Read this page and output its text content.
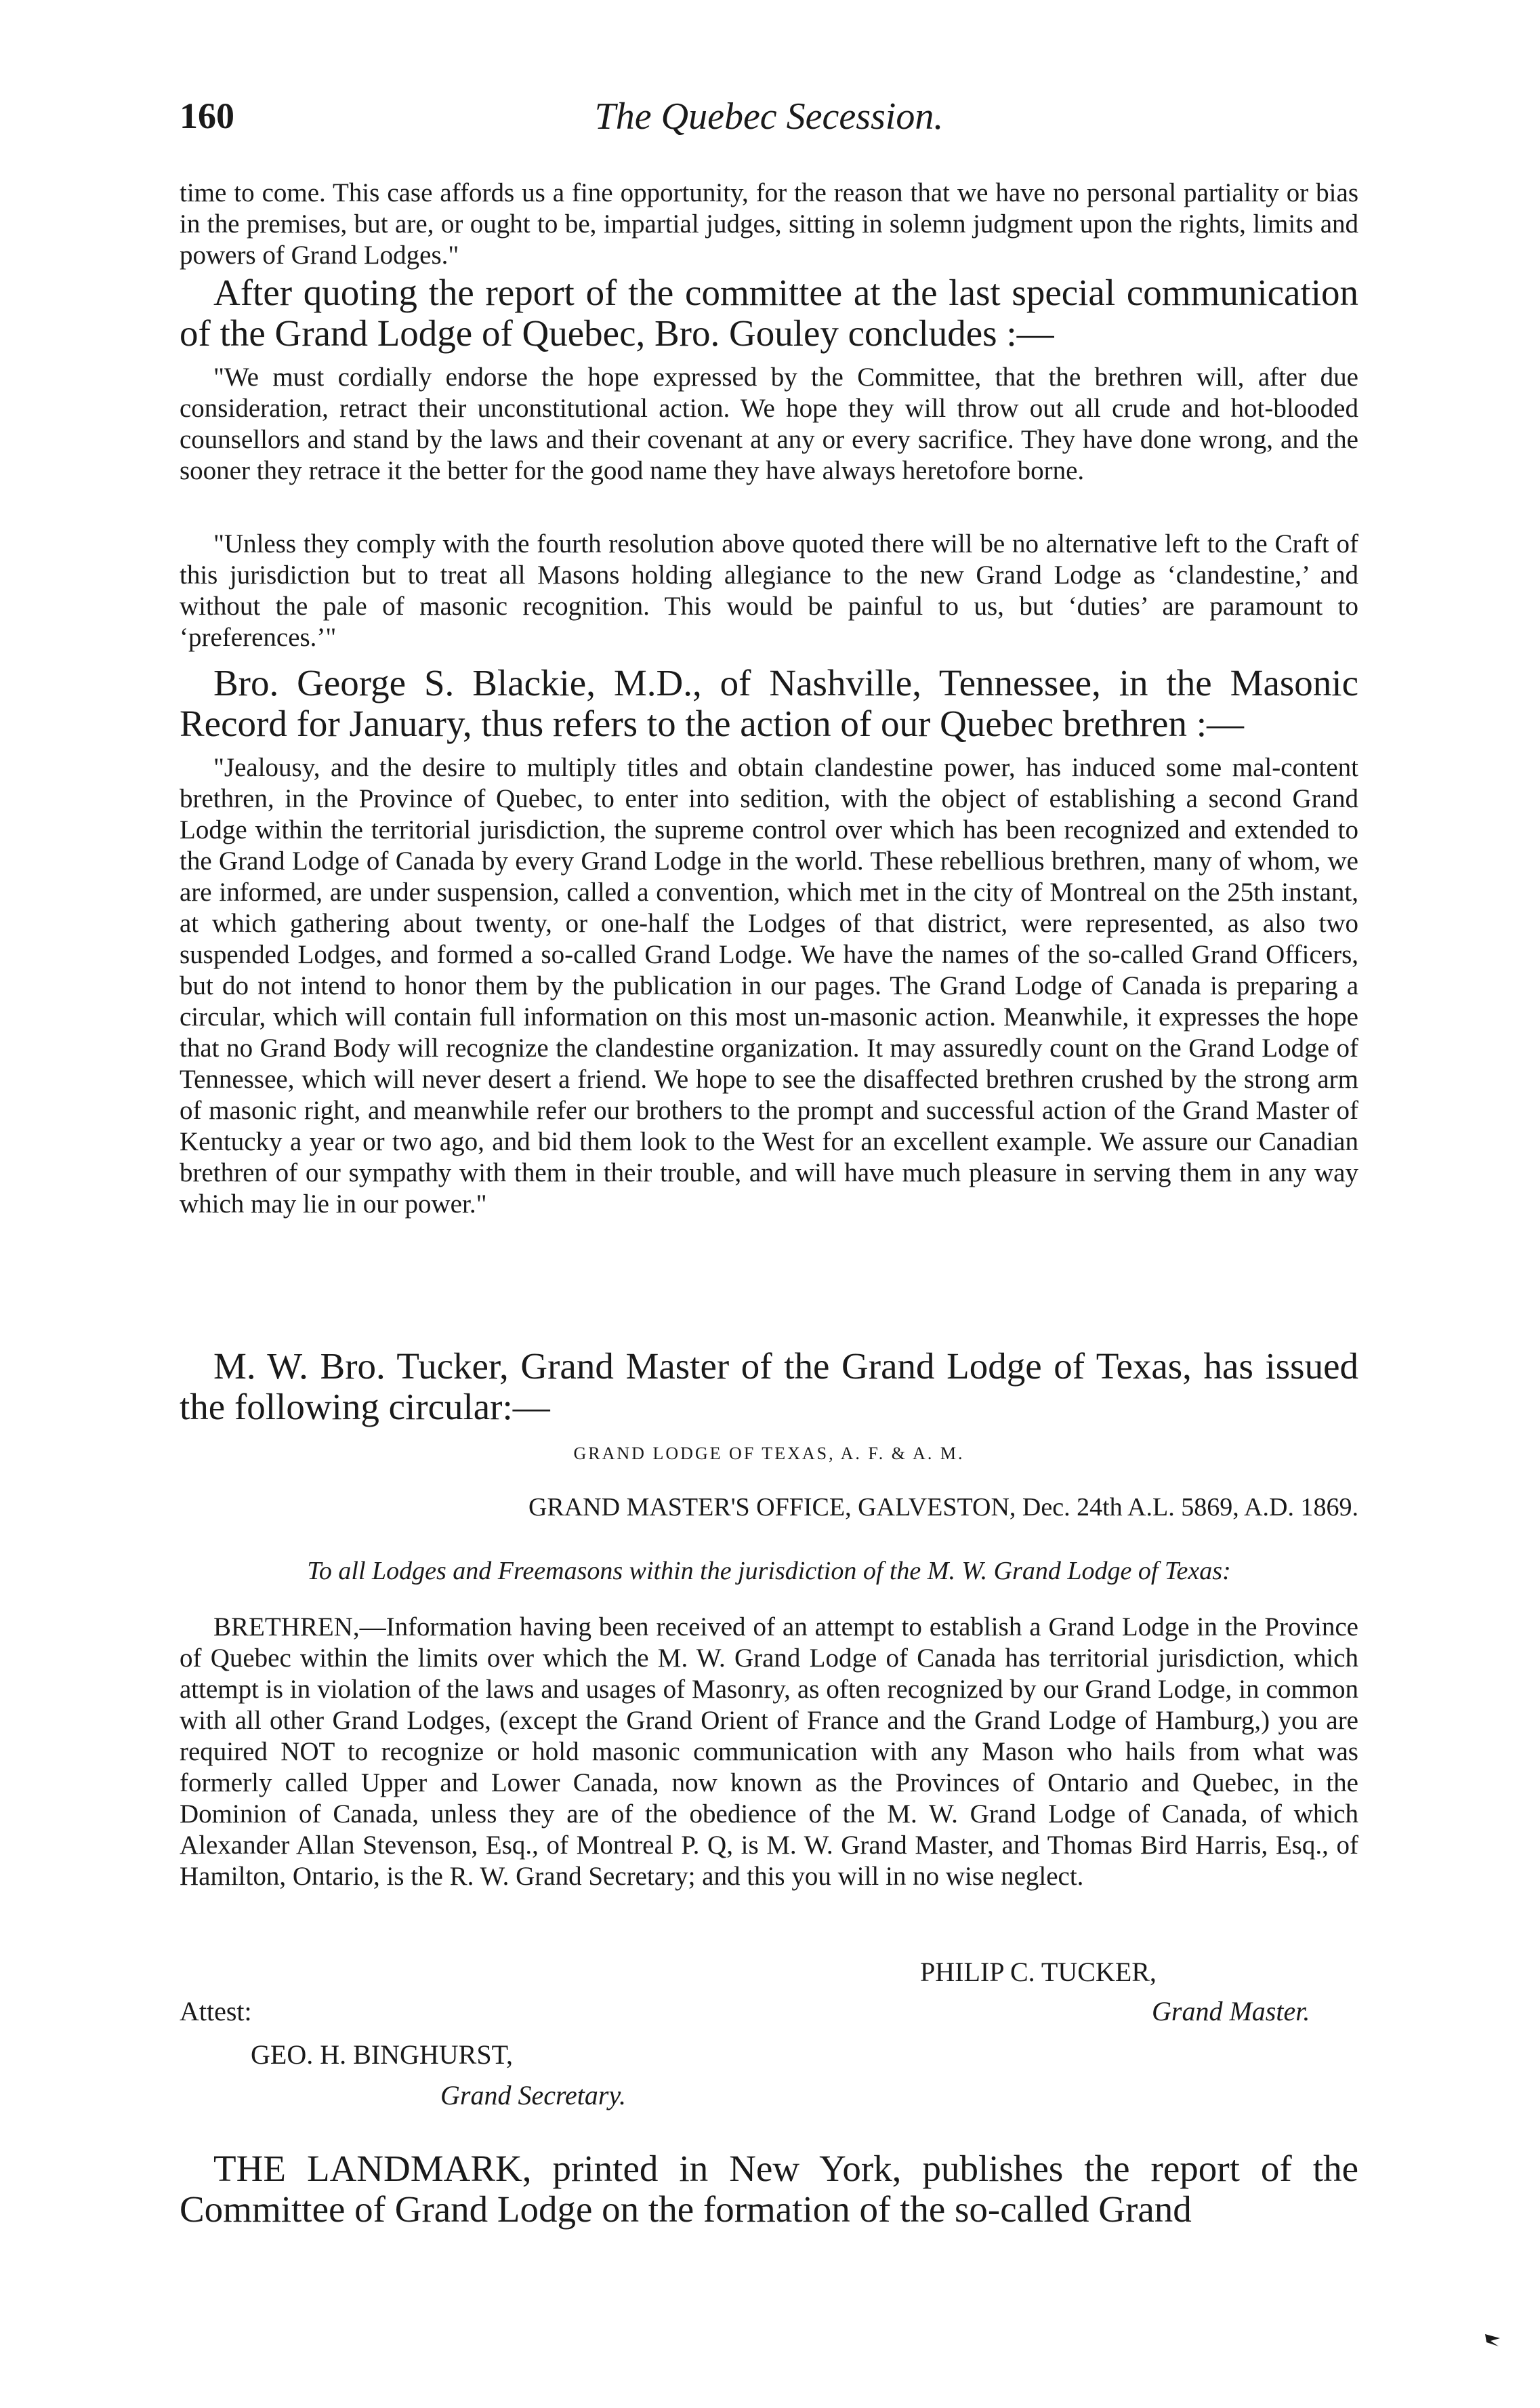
160	The Quebec Secession.

time to come. This case affords us a fine opportunity, for the reason that we have no personal partiality or bias in the premises, but are, or ought to be, impartial judges, sitting in solemn judgment upon the rights, limits and powers of Grand Lodges."

After quoting the report of the committee at the last special communication of the Grand Lodge of Quebec, Bro. Gouley concludes :—

"We must cordially endorse the hope expressed by the Committee, that the brethren will, after due consideration, retract their unconstitutional action. We hope they will throw out all crude and hot-blooded counsellors and stand by the laws and their covenant at any or every sacrifice. They have done wrong, and the sooner they retrace it the better for the good name they have always heretofore borne.

"Unless they comply with the fourth resolution above quoted there will be no alternative left to the Craft of this jurisdiction but to treat all Masons holding allegiance to the new Grand Lodge as ‘clandestine,’ and without the pale of masonic recognition. This would be painful to us, but ‘duties’ are paramount to ‘preferences.’"

Bro. George S. Blackie, M.D., of Nashville, Tennessee, in the Masonic Record for January, thus refers to the action of our Quebec brethren :—

"Jealousy, and the desire to multiply titles and obtain clandestine power, has induced some mal-content brethren, in the Province of Quebec, to enter into sedition, with the object of establishing a second Grand Lodge within the territorial jurisdiction, the supreme control over which has been recognized and extended to the Grand Lodge of Canada by every Grand Lodge in the world. These rebellious brethren, many of whom, we are informed, are under suspension, called a convention, which met in the city of Montreal on the 25th instant, at which gathering about twenty, or one-half the Lodges of that district, were represented, as also two suspended Lodges, and formed a so-called Grand Lodge. We have the names of the so-called Grand Officers, but do not intend to honor them by the publication in our pages. The Grand Lodge of Canada is preparing a circular, which will contain full information on this most un-masonic action. Meanwhile, it expresses the hope that no Grand Body will recognize the clandestine organization. It may assuredly count on the Grand Lodge of Tennessee, which will never desert a friend. We hope to see the disaffected brethren crushed by the strong arm of masonic right, and meanwhile refer our brothers to the prompt and successful action of the Grand Master of Kentucky a year or two ago, and bid them look to the West for an excellent example. We assure our Canadian brethren of our sympathy with them in their trouble, and will have much pleasure in serving them in any way which may lie in our power."

M. W. Bro. Tucker, Grand Master of the Grand Lodge of Texas, has issued the following circular:—

GRAND LODGE OF TEXAS, A. F. & A. M.
GRAND MASTER'S OFFICE, GALVESTON, Dec. 24th A.L. 5869, A.D. 1869.
To all Lodges and Freemasons within the jurisdiction of the M. W. Grand Lodge of Texas:

BRETHREN,—Information having been received of an attempt to establish a Grand Lodge in the Province of Quebec within the limits over which the M. W. Grand Lodge of Canada has territorial jurisdiction, which attempt is in violation of the laws and usages of Masonry, as often recognized by our Grand Lodge, in common with all other Grand Lodges, (except the Grand Orient of France and the Grand Lodge of Hamburg,) you are required NOT to recognize or hold masonic communication with any Mason who hails from what was formerly called Upper and Lower Canada, now known as the Provinces of Ontario and Quebec, in the Dominion of Canada, unless they are of the obedience of the M. W. Grand Lodge of Canada, of which Alexander Allan Stevenson, Esq., of Montreal P. Q, is M. W. Grand Master, and Thomas Bird Harris, Esq., of Hamilton, Ontario, is the R. W. Grand Secretary; and this you will in no wise neglect.

PHILIP C. TUCKER,
Grand Master.
Attest:
GEO. H. BINGHURST,
Grand Secretary.

THE LANDMARK, printed in New York, publishes the report of the Committee of Grand Lodge on the formation of the so-called Grand
